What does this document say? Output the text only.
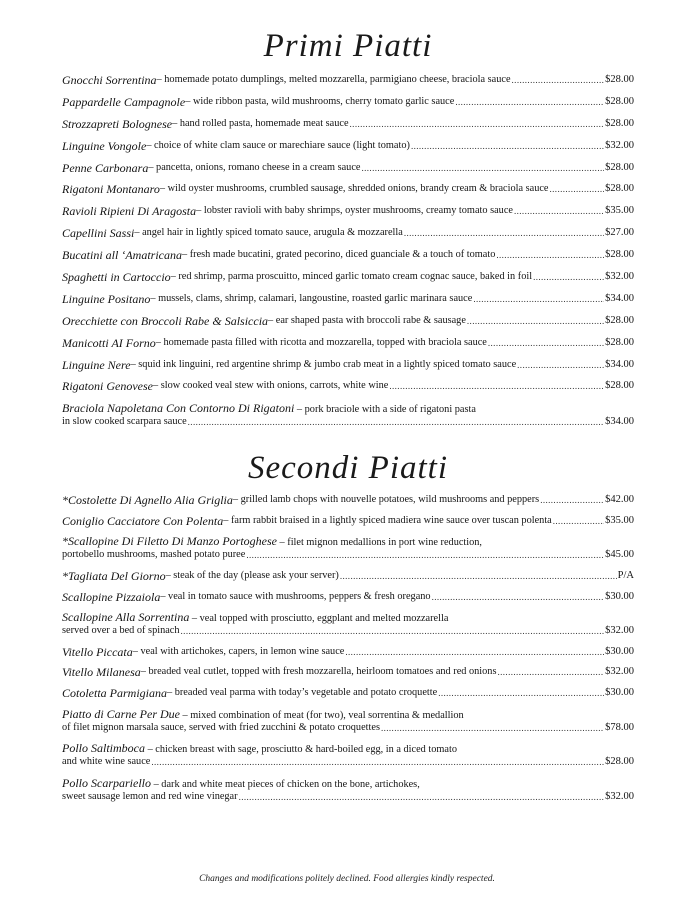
Primi Piatti
Gnocchi Sorrentina – homemade potato dumplings, melted mozzarella, parmigiano cheese, braciola sauce .....	$28.00
Pappardelle Campagnole – wide ribbon pasta, wild mushrooms, cherry tomato garlic sauce .....	$28.00
Strozzapreti Bolognese – hand rolled pasta, homemade meat sauce .....	$28.00
Linguine Vongole – choice of white clam sauce or marechiare sauce (light tomato) .....	$32.00
Penne Carbonara – pancetta, onions, romano cheese in a cream sauce .....	$28.00
Rigatoni Montanaro – wild oyster mushrooms, crumbled sausage, shredded onions, brandy cream & braciola sauce .....	$28.00
Ravioli Ripieni Di Aragosta – lobster ravioli with baby shrimps, oyster mushrooms, creamy tomato sauce .....	$35.00
Capellini Sassi – angel hair in lightly spiced tomato sauce, arugula & mozzarella .....	$27.00
Bucatini all ‘Amatricana – fresh made bucatini, grated pecorino, diced guanciale & a touch of tomato .....	$28.00
Spaghetti in Cartoccio – red shrimp, parma proscuitto, minced garlic tomato cream cognac sauce, baked in foil .....	$32.00
Linguine Positano – mussels, clams, shrimp, calamari, langoustine, roasted garlic marinara sauce .....	$34.00
Orecchiette con Broccoli Rabe & Salsiccia – ear shaped pasta with broccoli rabe & sausage .....	$28.00
Manicotti AI Forno – homemade pasta filled with ricotta and mozzarella, topped with braciola sauce .....	$28.00
Linguine Nere – squid ink linguini, red argentine shrimp & jumbo crab meat in a lightly spiced tomato sauce .....	$34.00
Rigatoni Genovese – slow cooked veal stew with onions, carrots, white wine .....	$28.00
Braciola Napoletana Con Contorno Di Rigatoni – pork braciole with a side of rigatoni pasta
in slow cooked scarpara sauce .....	$34.00
Secondi Piatti
*Costolette Di Agnello Alia Griglia – grilled lamb chops with nouvelle potatoes, wild mushrooms and peppers .....	$42.00
Coniglio Cacciatore Con Polenta – farm rabbit braised in a lightly spiced madiera wine sauce over tuscan polenta .....	$35.00
*Scallopine Di Filetto Di Manzo Portoghese – filet mignon medallions in port wine reduction,
portobello mushrooms, mashed potato puree .....	$45.00
*Tagliata Del Giorno – steak of the day (please ask your server) .....	P/A
Scallopine Pizzaiola – veal in tomato sauce with mushrooms, peppers & fresh oregano .....	$30.00
Scallopine Alla Sorrentina – veal topped with prosciutto, eggplant and melted mozzarella
served over a bed of spinach .....	$32.00
Vitello Piccata – veal with artichokes, capers, in lemon wine sauce .....	$30.00
Vitello Milanesa – breaded veal cutlet, topped with fresh mozzarella, heirloom tomatoes and red onions .....	$32.00
Cotoletta Parmigiana – breaded veal parma with today’s vegetable and potato croquette .....	$30.00
Piatto di Carne Per Due – mixed combination of meat (for two), veal sorrentina & medallion
of filet mignon marsala sauce, served with fried zucchini & potato croquettes .....	$78.00
Pollo Saltimboca – chicken breast with sage, prosciutto & hard-boiled egg, in a diced tomato
and white wine sauce .....	$28.00
Pollo Scarpariello – dark and white meat pieces of chicken on the bone, artichokes,
sweet sausage lemon and red wine vinegar .....	$32.00
Changes and modifications politely declined. Food allergies kindly respected.
